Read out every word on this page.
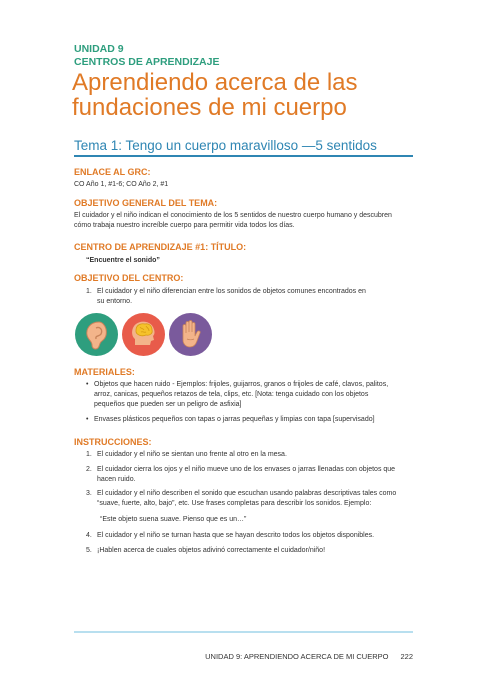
UNIDAD 9
CENTROS DE APRENDIZAJE
Aprendiendo acerca de las
fundaciones de mi cuerpo
Tema 1: Tengo un cuerpo maravilloso —5 sentidos
ENLACE AL GRC:
CO Año 1, #1-6; CO Año 2, #1
OBJETIVO GENERAL DEL TEMA:
El cuidador y el niño indican el conocimiento de los 5 sentidos de nuestro cuerpo humano y descubren
cómo trabaja nuestro increíble cuerpo para permitir vida todos los días.
CENTRO DE APRENDIZAJE #1: TÍTULO:
“Encuentre el sonido”
OBJETIVO DEL CENTRO:
1. El cuidador y el niño diferencian entre los sonidos de objetos comunes encontrados en
su entorno.
MATERIALES:
• Objetos que hacen ruido - Ejemplos: frijoles, guijarros, granos o frijoles de café, clavos, palitos,
arroz, canicas, pequeños retazos de tela, clips, etc. [Nota: tenga cuidado con los objetos
pequeños que pueden ser un peligro de asfixia]
• Envases plásticos pequeños con tapas o jarras pequeñas y limpias con tapa [supervisado]
INSTRUCCIONES:
1. El cuidador y el niño se sientan uno frente al otro en la mesa.
2. El cuidador cierra los ojos y el niño mueve uno de los envases o jarras llenadas con objetos que
hacen ruido.
3. El cuidador y el niño describen el sonido que escuchan usando palabras descriptivas tales como
“suave, fuerte, alto, bajo”, etc. Use frases completas para describir los sonidos. Ejemplo:
“Este objeto suena suave. Pienso que es un…”
4. El cuidador y el niño se turnan hasta que se hayan descrito todos los objetos disponibles.
5. ¡Hablen acerca de cuales objetos adivinó correctamente el cuidador/niño!
UNIDAD 9: APRENDIENDO ACERCA DE MI CUERPO 222
